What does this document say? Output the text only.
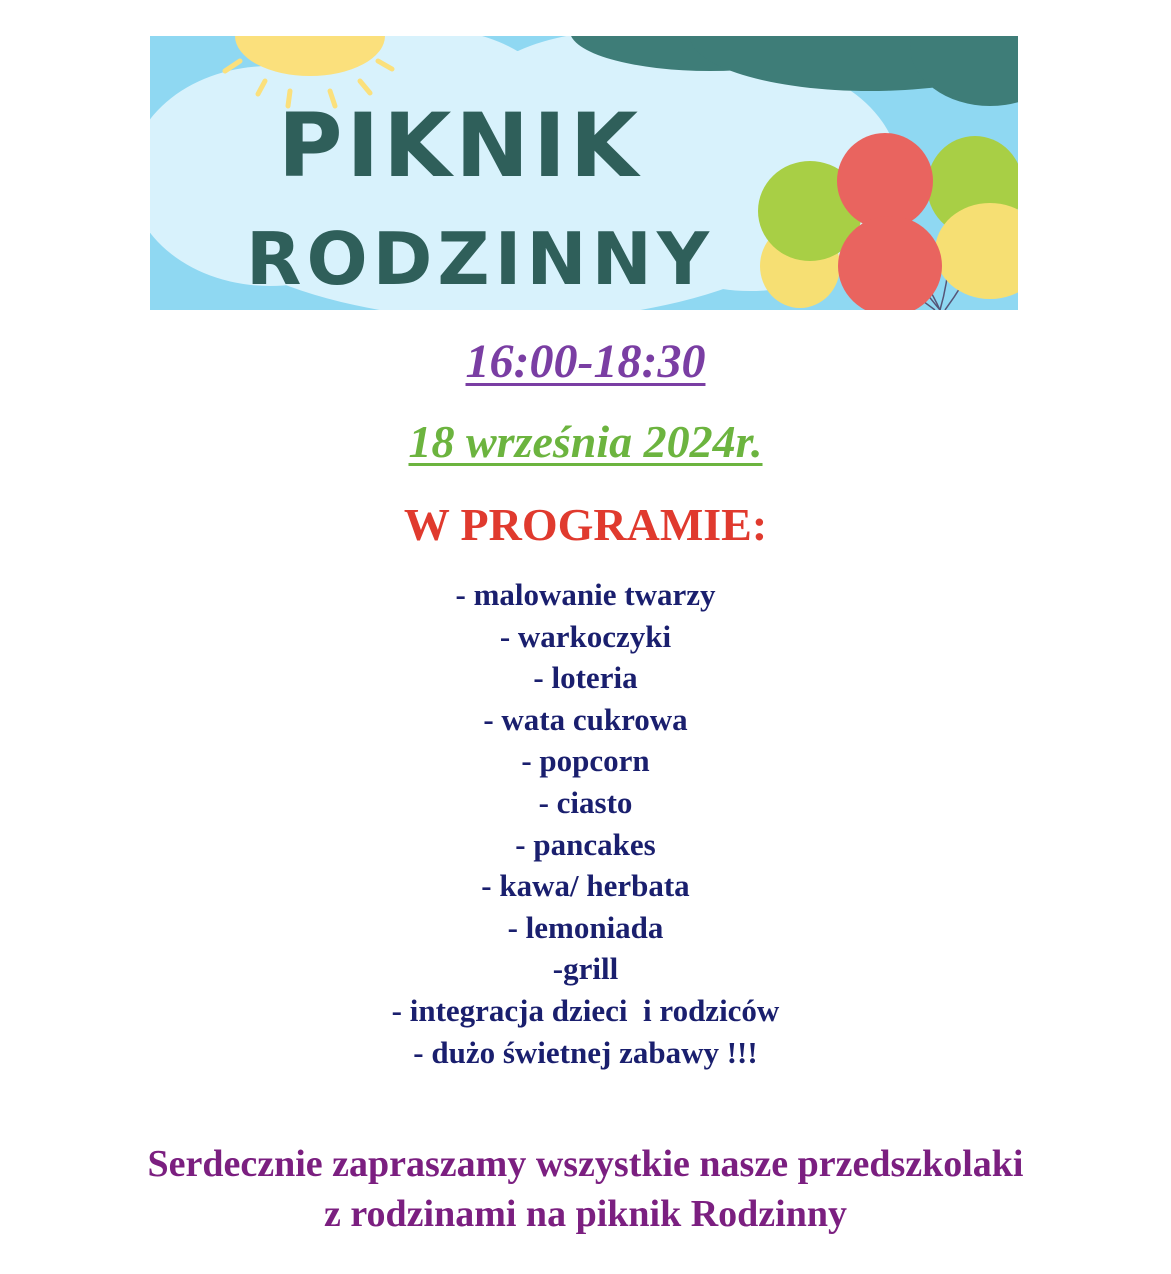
PIKNIK
RODZINNY
16:00-18:30
18 września 2024r.
W PROGRAMIE:
- malowanie twarzy
- warkoczyki
- loteria
- wata cukrowa
- popcorn
- ciasto
- pancakes
- kawa/ herbata
- lemoniada
-grill
- integracja dzieci  i rodziców
- dużo świetnej zabawy !!!
Serdecznie zapraszamy wszystkie nasze przedszkolaki
z rodzinami na piknik Rodzinny
